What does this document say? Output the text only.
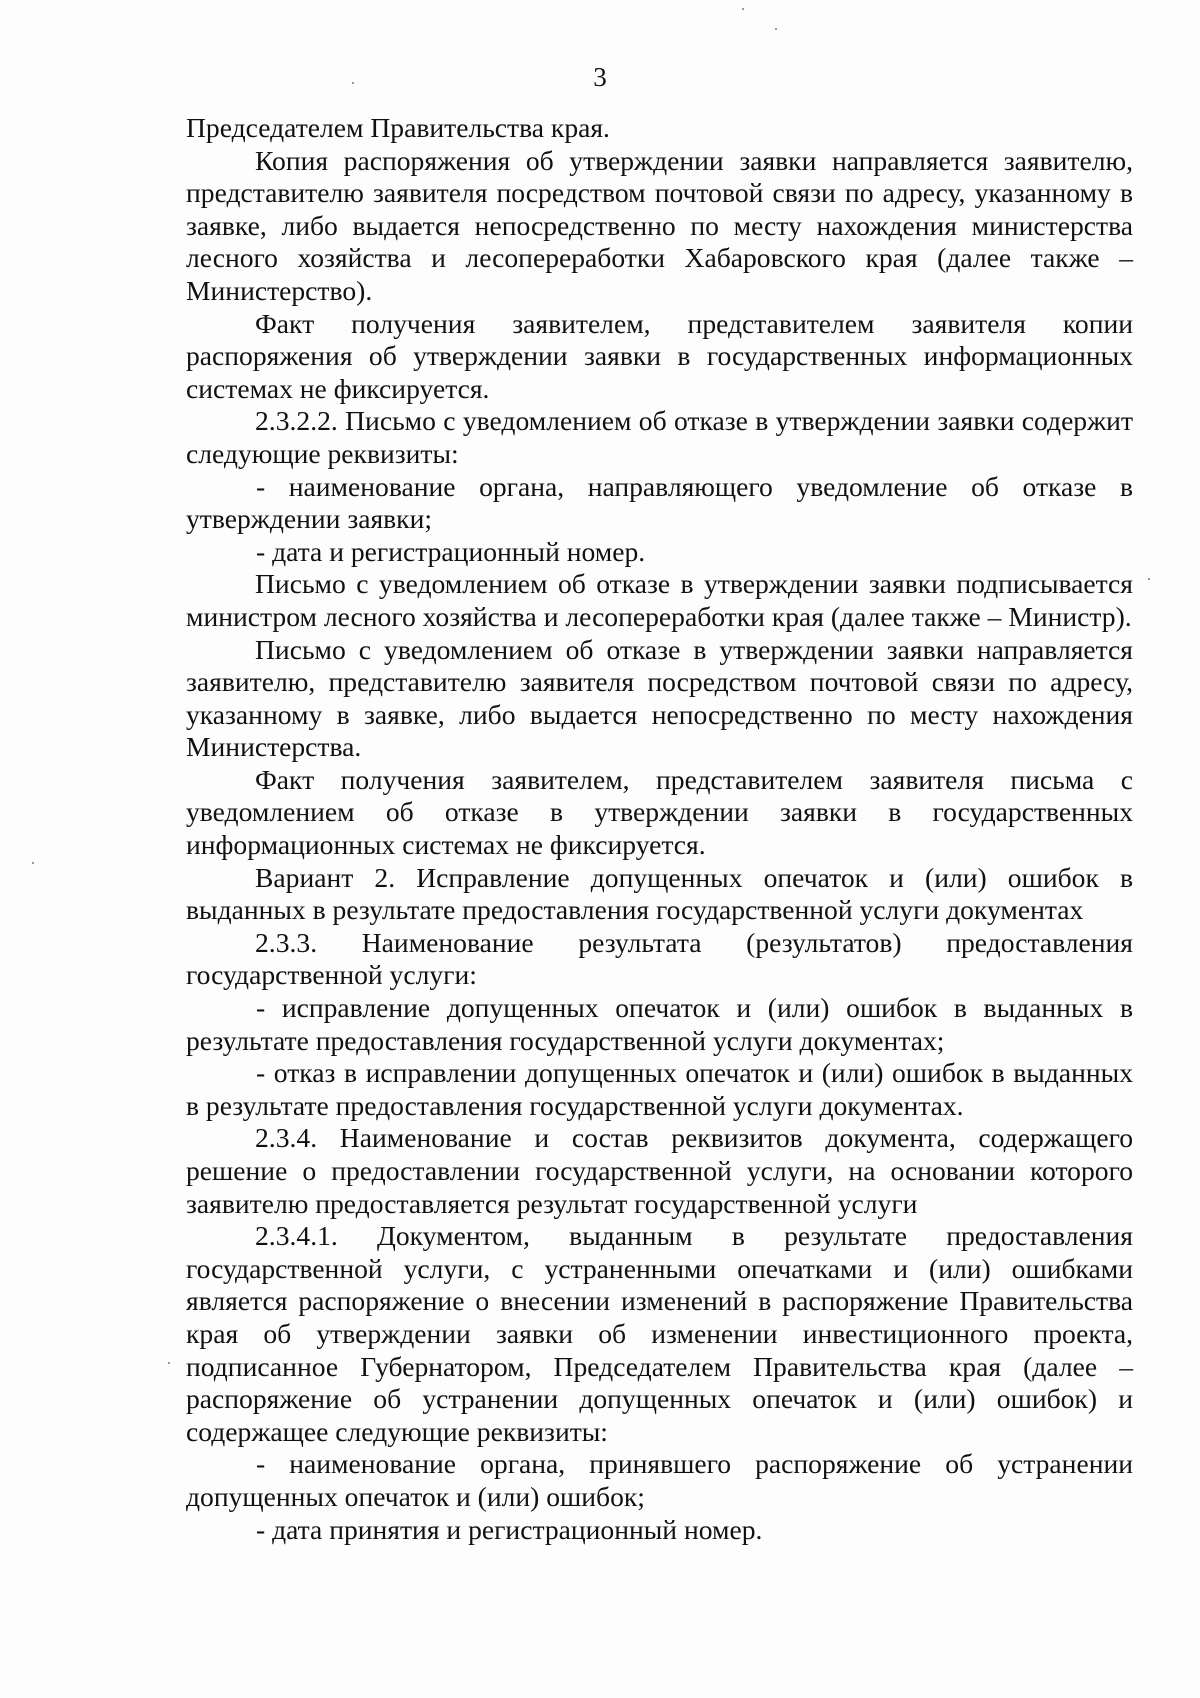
3

Председателем Правительства края.

Копия распоряжения об утверждении заявки направляется заявителю, представителю заявителя посредством почтовой связи по адресу, указанному в заявке, либо выдается непосредственно по месту нахождения министерства лесного хозяйства и лесопереработки Хабаровского края (далее также – Министерство).

Факт получения заявителем, представителем заявителя копии распоряжения об утверждении заявки в государственных информационных системах не фиксируется.

2.3.2.2. Письмо с уведомлением об отказе в утверждении заявки содержит следующие реквизиты:

- наименование органа, направляющего уведомление об отказе в утверждении заявки;

- дата и регистрационный номер.

Письмо с уведомлением об отказе в утверждении заявки подписывается министром лесного хозяйства и лесопереработки края (далее также – Министр).

Письмо с уведомлением об отказе в утверждении заявки направляется заявителю, представителю заявителя посредством почтовой связи по адресу, указанному в заявке, либо выдается непосредственно по месту нахождения Министерства.

Факт получения заявителем, представителем заявителя письма с уведомлением об отказе в утверждении заявки в государственных информационных системах не фиксируется.

Вариант 2. Исправление допущенных опечаток и (или) ошибок в выданных в результате предоставления государственной услуги документах

2.3.3. Наименование результата (результатов) предоставления государственной услуги:

- исправление допущенных опечаток и (или) ошибок в выданных в результате предоставления государственной услуги документах;

- отказ в исправлении допущенных опечаток и (или) ошибок в выданных в результате предоставления государственной услуги документах.

2.3.4. Наименование и состав реквизитов документа, содержащего решение о предоставлении государственной услуги, на основании которого заявителю предоставляется результат государственной услуги

2.3.4.1. Документом, выданным в результате предоставления государственной услуги, с устраненными опечатками и (или) ошибками является распоряжение о внесении изменений в распоряжение Правительства края об утверждении заявки об изменении инвестиционного проекта, подписанное Губернатором, Председателем Правительства края (далее – распоряжение об устранении допущенных опечаток и (или) ошибок) и содержащее следующие реквизиты:

- наименование органа, принявшего распоряжение об устранении допущенных опечаток и (или) ошибок;

- дата принятия и регистрационный номер.
